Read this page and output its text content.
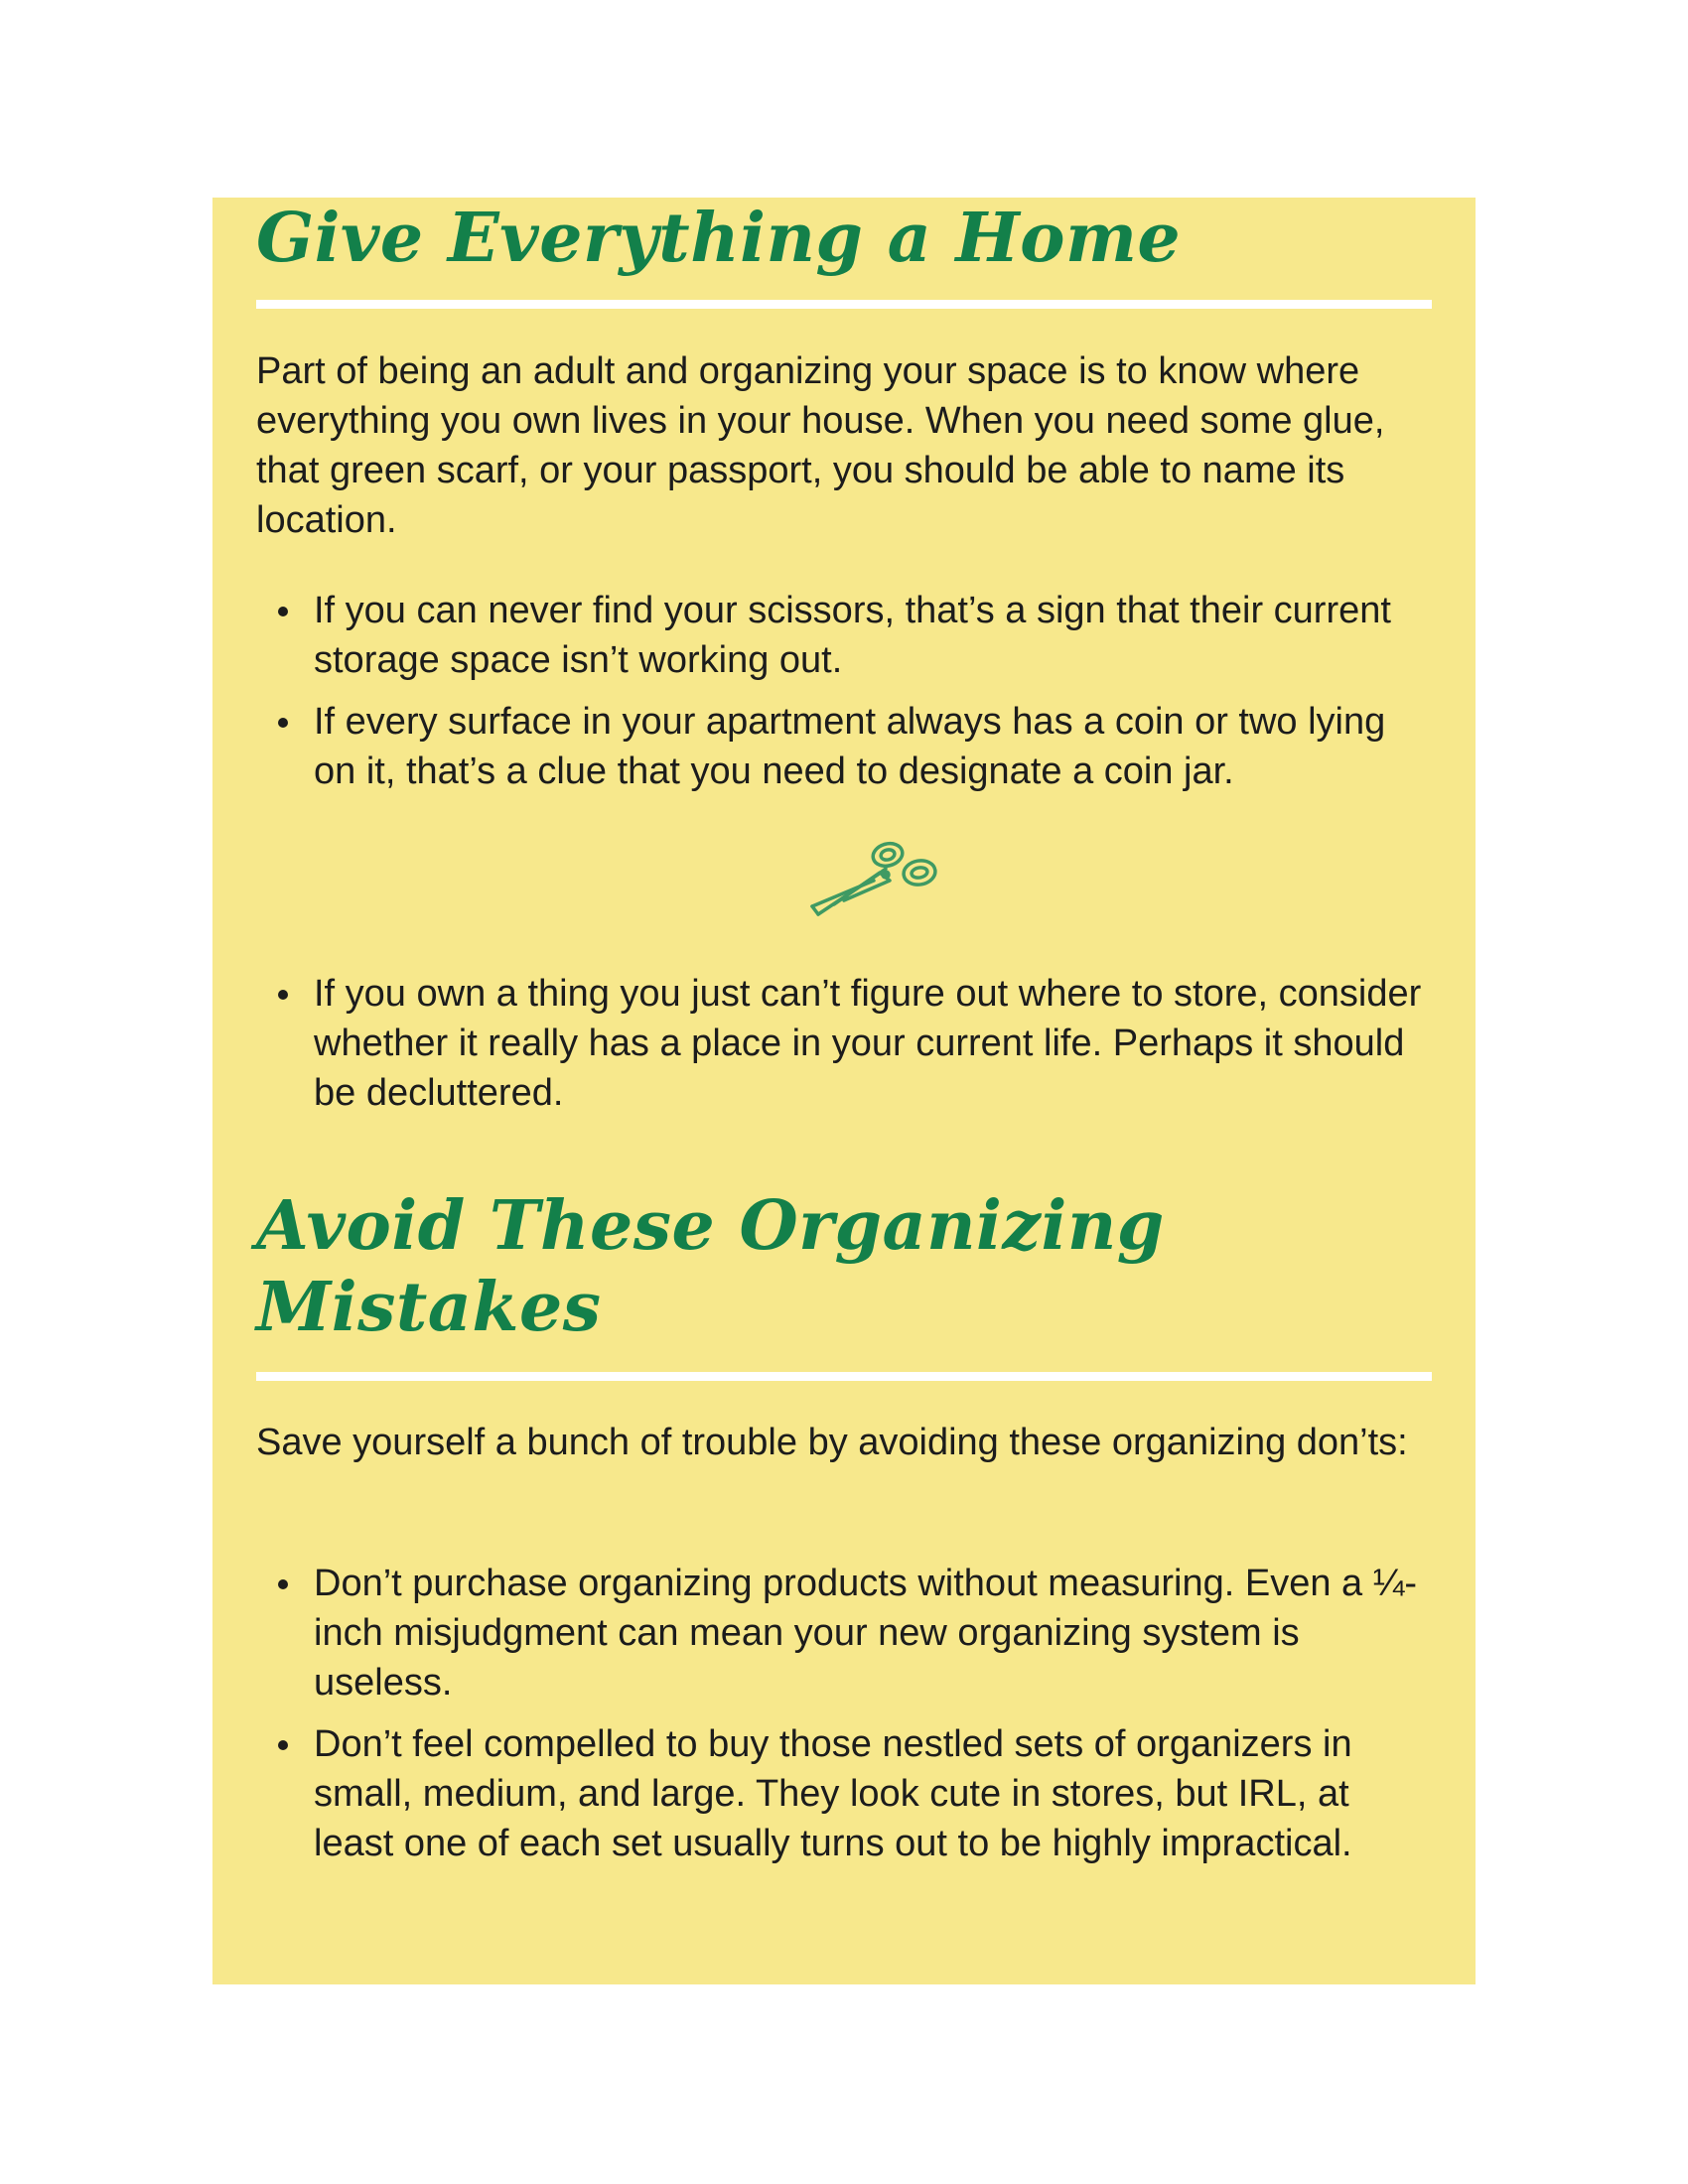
Give Everything a Home

Part of being an adult and organizing your space is to know where everything you own lives in your house. When you need some glue, that green scarf, or your passport, you should be able to name its location.

If you can never find your scissors, that’s a sign that their current storage space isn’t working out.
If every surface in your apartment always has a coin or two lying on it, that’s a clue that you need to designate a coin jar.
If you own a thing you just can’t figure out where to store, consider whether it really has a place in your current life. Perhaps it should be decluttered.
Avoid These Organizing Mistakes

Save yourself a bunch of trouble by avoiding these organizing don’ts:

Don’t purchase organizing products without measuring. Even a ¼-inch misjudgment can mean your new organizing system is useless.
Don’t feel compelled to buy those nestled sets of organizers in small, medium, and large. They look cute in stores, but IRL, at least one of each set usually turns out to be highly impractical.
